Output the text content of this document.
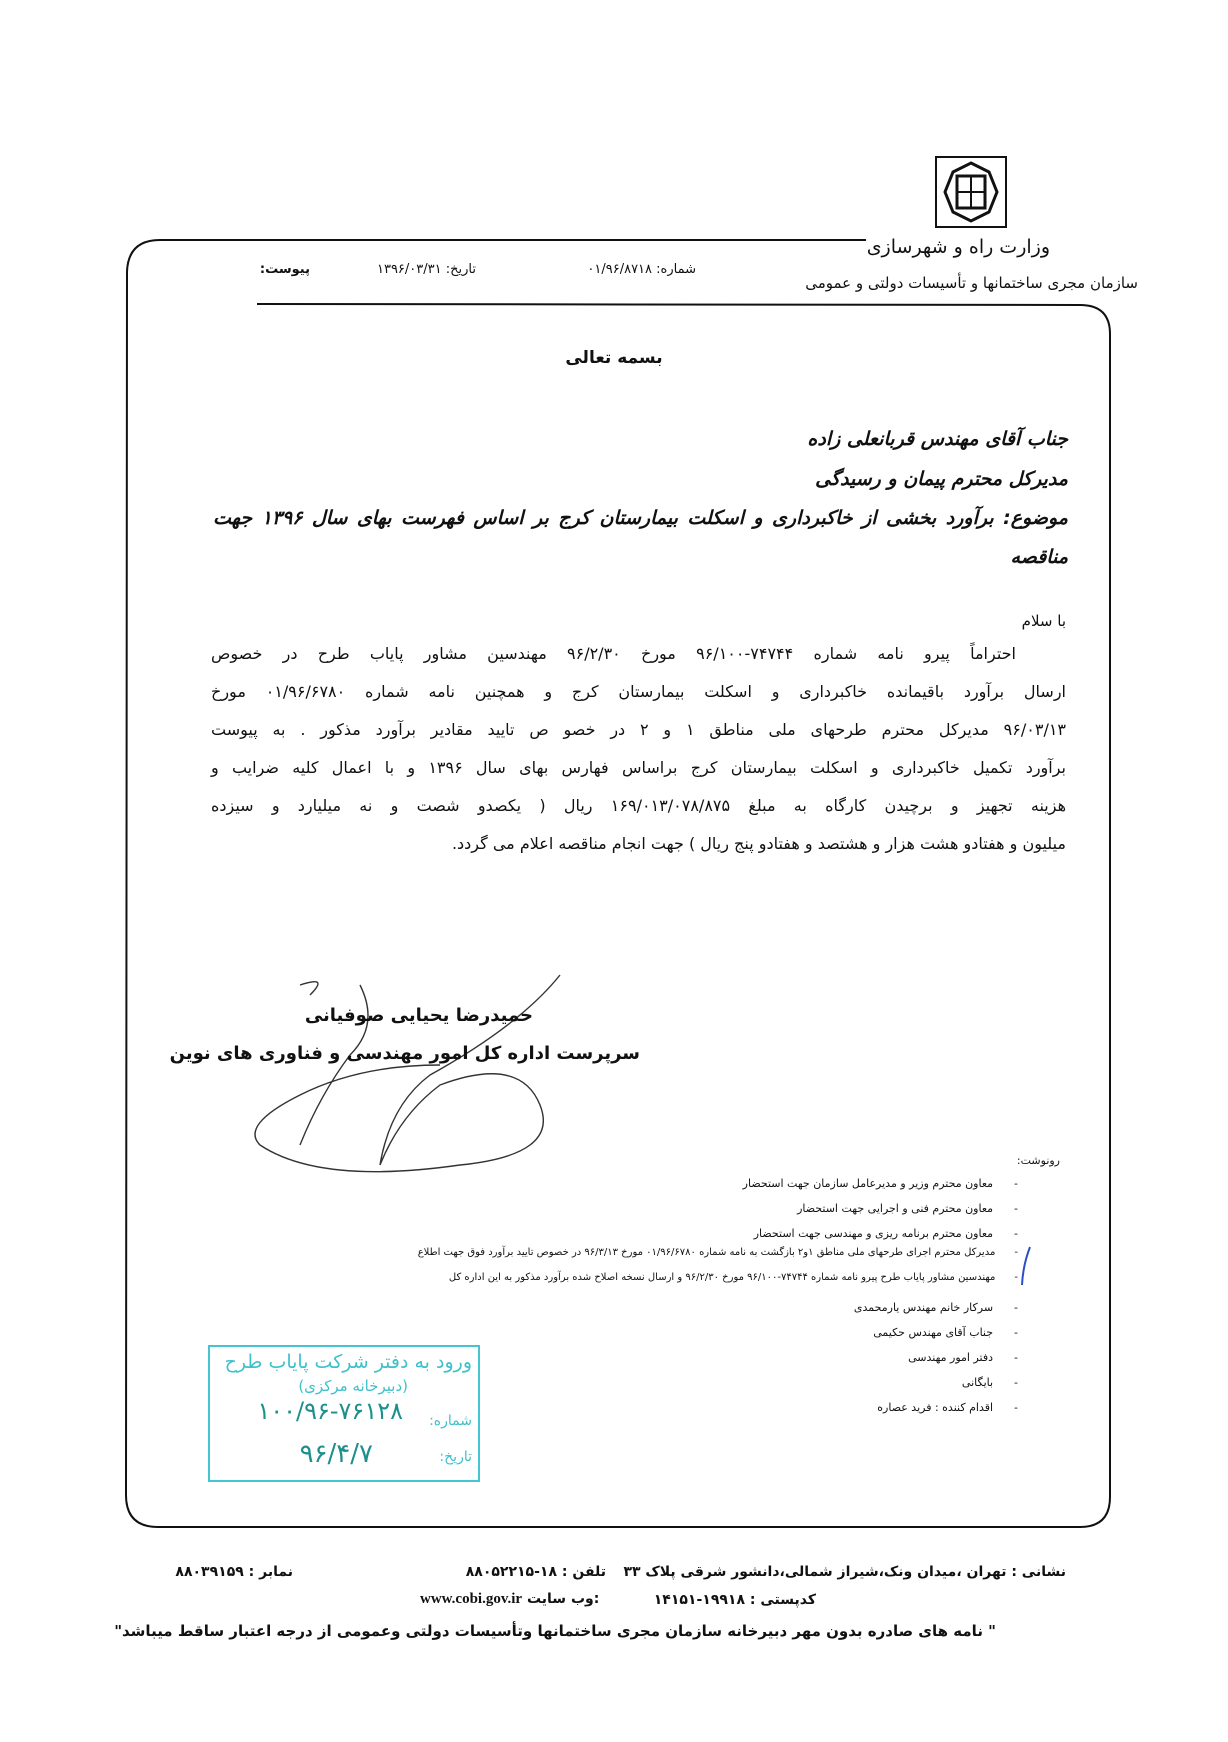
وزارت راه و شهرسازی
سازمان مجری ساختمانها و تأسیسات دولتی و عمومی
شماره: ۰۱/۹۶/۸۷۱۸
تاریخ: ۱۳۹۶/۰۳/۳۱
پیوست:
بسمه تعالی
جناب آقای مهندس قربانعلی زاده
مدیرکل محترم پیمان و رسیدگی
موضوع: برآورد بخشی از خاکبرداری و اسکلت بیمارستان کرج بر اساس فهرست بهای سال ۱۳۹۶ جهت
مناقصه
با سلام
احتراماً پیرو نامه شماره ۷۴۷۴۴-۹۶/۱۰۰ مورخ ۹۶/۲/۳۰ مهندسین مشاور پایاب طرح در خصوص
ارسال برآورد باقیمانده خاکبرداری و اسکلت بیمارستان کرج و همچنین نامه شماره ۰۱/۹۶/۶۷۸۰ مورخ
۹۶/۰۳/۱۳ مدیرکل محترم طرحهای ملی مناطق ۱ و ۲ در خصو ص تایید مقادیر برآورد مذکور . به پیوست
برآورد تکمیل خاکبرداری و اسکلت بیمارستان کرج براساس فهارس بهای سال ۱۳۹۶ و با اعمال کلیه ضرایب و
هزینه تجهیز و برچیدن کارگاه به مبلغ ۱۶۹/۰۱۳/۰۷۸/۸۷۵ ریال ( یکصدو شصت و نه میلیارد و سیزده
میلیون و هفتادو هشت هزار و هشتصد و هفتادو پنج ریال ) جهت انجام مناقصه اعلام می گردد.
حمیدرضا یحیایی صوفیانی
سرپرست اداره کل امور مهندسی و فناوری های نوین
رونوشت:
-      معاون محترم وزیر و مدیرعامل سازمان جهت استحضار
-      معاون محترم فنی و اجرایی جهت استحضار
-      معاون محترم برنامه ریزی و مهندسی جهت استحضار
-      مدیرکل محترم اجرای طرحهای ملی مناطق ۱و۲ بازگشت به نامه شماره ۰۱/۹۶/۶۷۸۰ مورخ ۹۶/۳/۱۳ در خصوص تایید برآورد فوق جهت اطلاع
-      مهندسین مشاور پایاب طرح پیرو نامه شماره ۷۴۷۴۴-۹۶/۱۰۰ مورخ ۹۶/۲/۳۰ و ارسال نسخه اصلاح شده برآورد مذکور به این اداره کل
-      سرکار خانم مهندس یارمحمدی
-      جناب آقای مهندس حکیمی
-      دفتر امور مهندسی
-      بایگانی
-      اقدام کننده : فرید عصاره
ورود به دفتر شرکت پایاب طرح
(دبیرخانه مرکزی)
شماره:
۱۰۰/۹۶-۷۶۱۲۸
تاریخ:
۹۶/۴/۷
نشانی : تهران ،میدان ونک،شیراز شمالی،دانشور شرقی پلاک ۳۳
تلفن : ۱۸-۸۸۰۵۲۲۱۵
نمابر : ۸۸۰۳۹۱۵۹
کدپستی : ۱۹۹۱۸-۱۴۱۵۱
www.cobi.gov.ir وب سایت:
" نامه های صادره بدون مهر دبیرخانه سازمان مجری ساختمانها وتأسیسات دولتی وعمومی از درجه اعتبار ساقط میباشد"
